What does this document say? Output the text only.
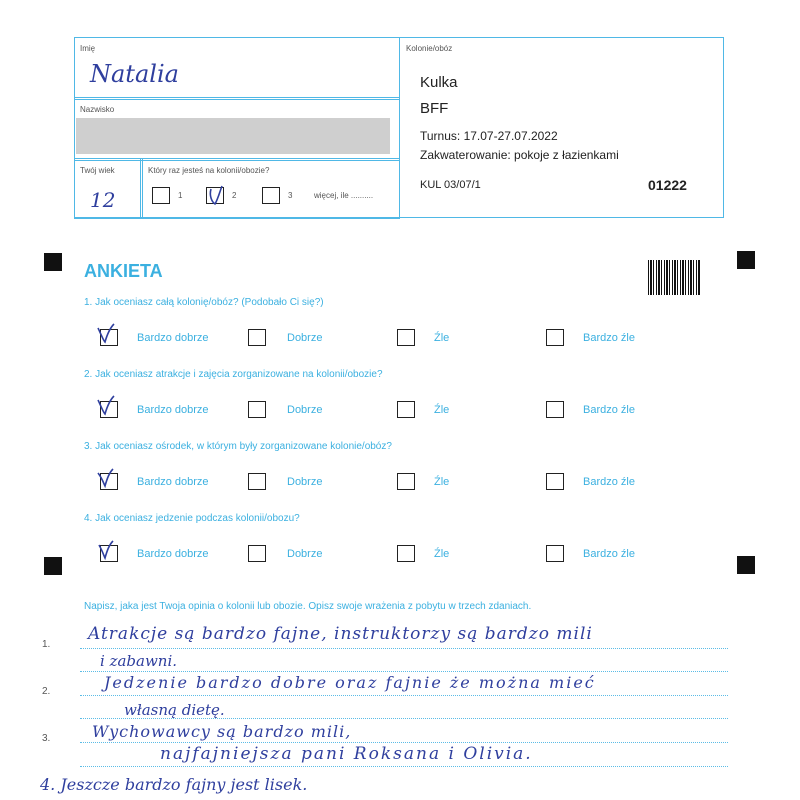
Imię
Natalia
Nazwisko
Twój wiek
12
Który raz jesteś na kolonii/obozie?
1	2	3	więcej, ile ..........
Kolonie/obóz
Kulka
BFF
Turnus: 17.07-27.07.2022
Zakwaterowanie: pokoje z łazienkami
KUL 03/07/1	01222
ANKIETA
1. Jak oceniasz całą kolonię/obóz? (Podobało Ci się?)
Bardzo dobrze	Dobrze	Źle	Bardzo źle
2. Jak oceniasz atrakcje i zajęcia zorganizowane na kolonii/obozie?
Bardzo dobrze	Dobrze	Źle	Bardzo źle
3. Jak oceniasz ośrodek, w którym były zorganizowane kolonie/obóz?
Bardzo dobrze	Dobrze	Źle	Bardzo źle
4. Jak oceniasz jedzenie podczas kolonii/obozu?
Bardzo dobrze	Dobrze	Źle	Bardzo źle
Napisz, jaka jest Twoja opinia o kolonii lub obozie. Opisz swoje wrażenia z pobytu w trzech zdaniach.
1.
2.
3.
Atrakcje są bardzo fajne, instruktorzy są bardzo mili
i zabawni.
Jedzenie bardzo dobre oraz fajnie że można mieć
własną dietę.
Wychowawcy są bardzo mili,
najfajniejsza pani Roksana i Olivia.
4. Jeszcze bardzo fajny jest lisek.
